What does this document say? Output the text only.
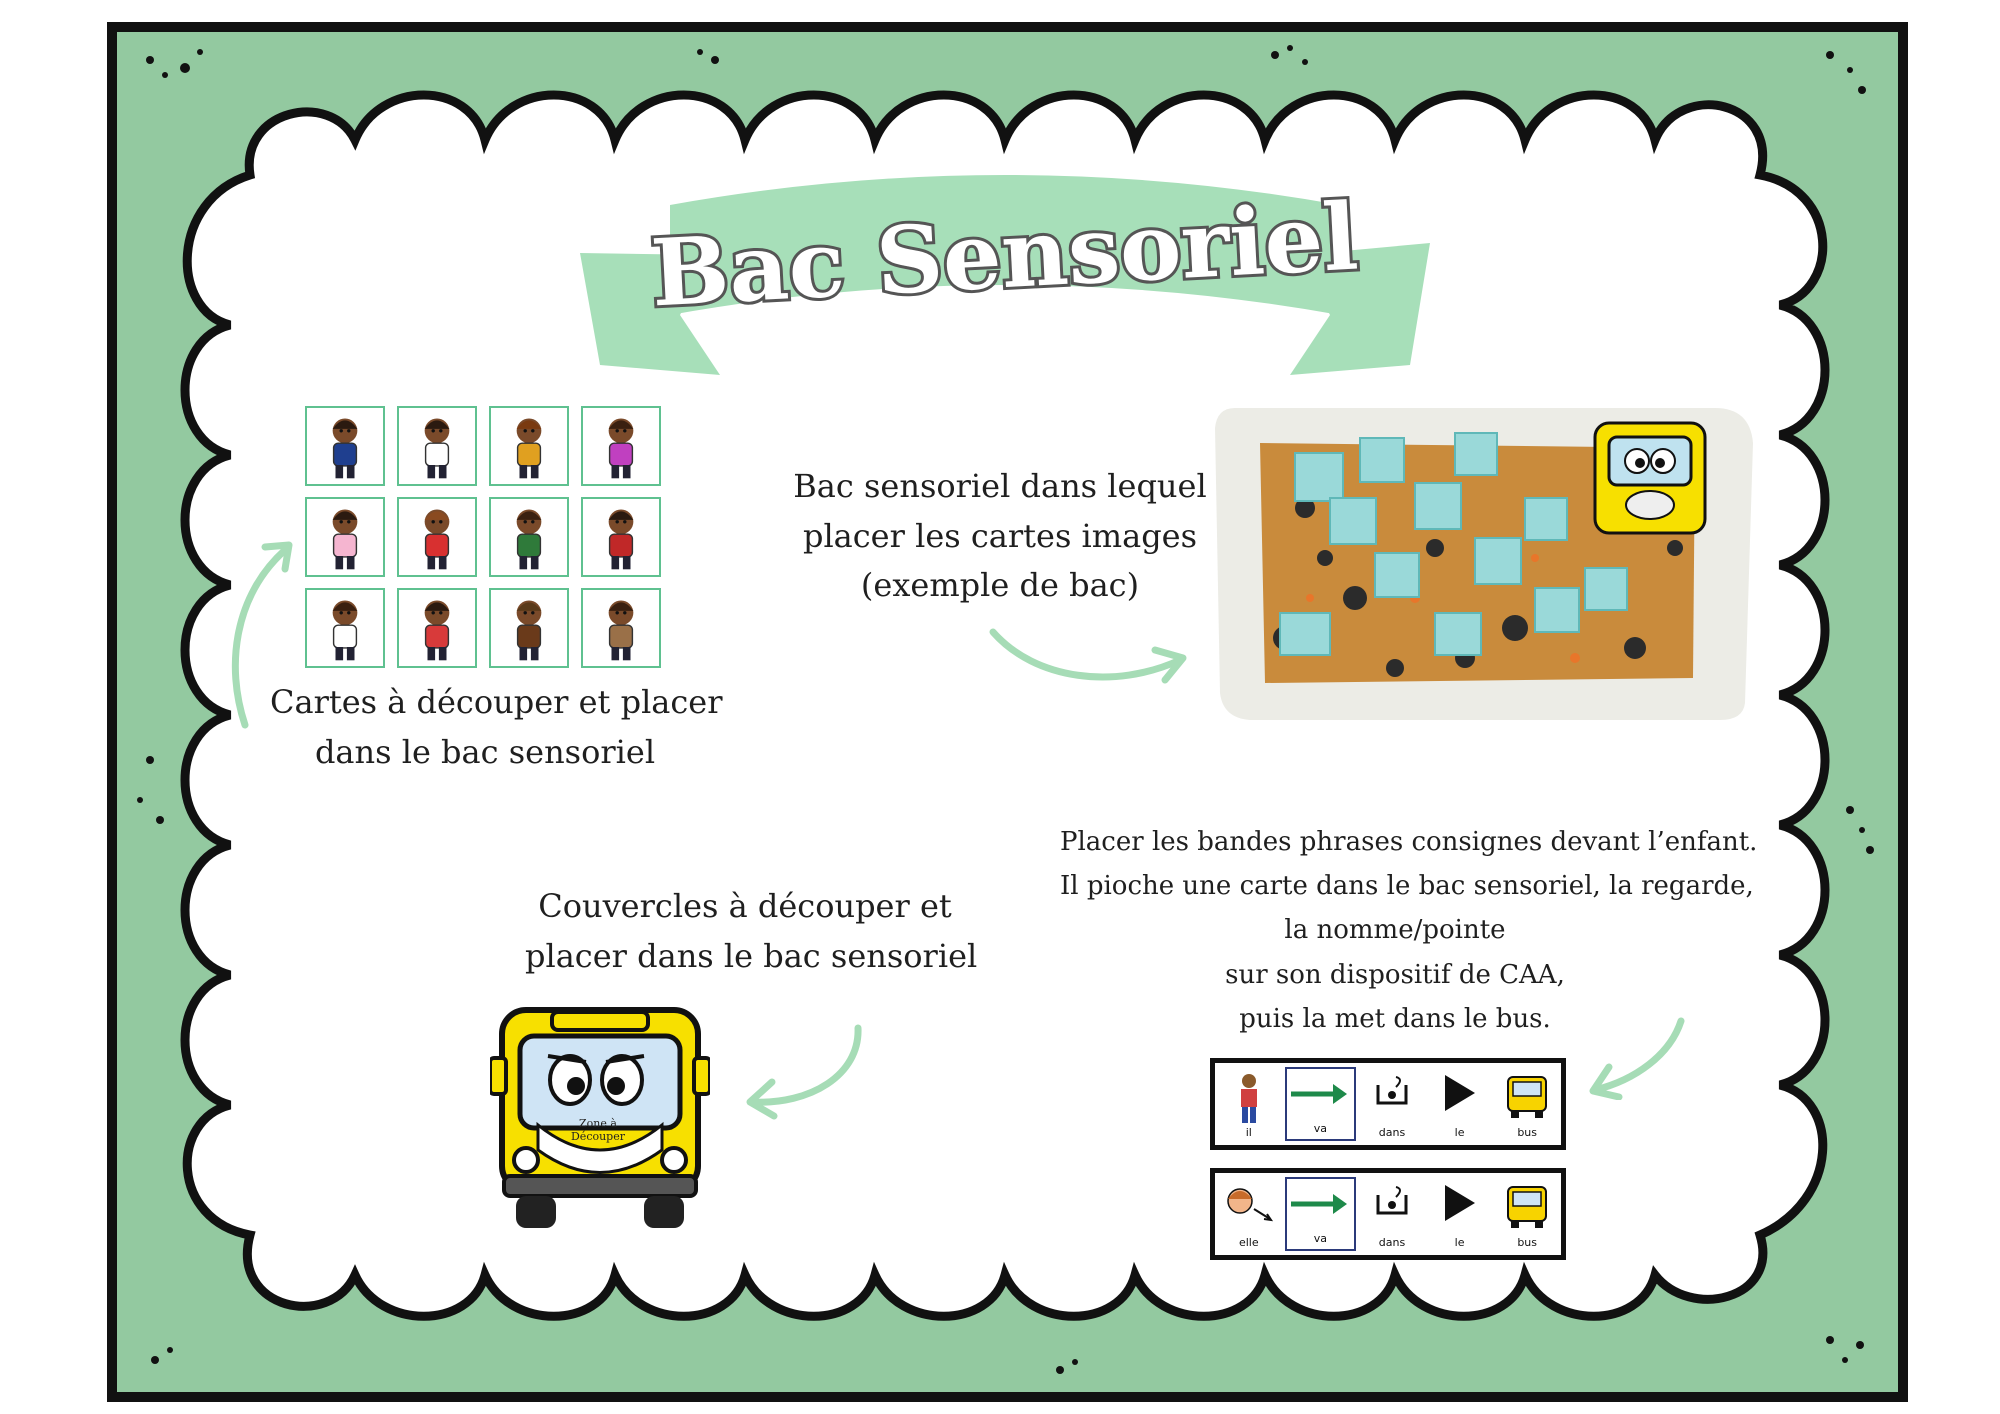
Bac Sensoriel
Cartes à découper et placer
dans le bac sensoriel
Bac sensoriel dans lequel
placer les cartes images
(exemple de bac)
Couvercles à découper et
placer dans le bac sensoriel
Zone à
Découper
Placer les bandes phrases consignes devant l’enfant.
Il pioche une carte dans le bac sensoriel, la regarde,
la nomme/pointe
sur son dispositif de CAA,
puis la met dans le bus.
il	va	dans	le	bus
elle	va	dans	le	bus
